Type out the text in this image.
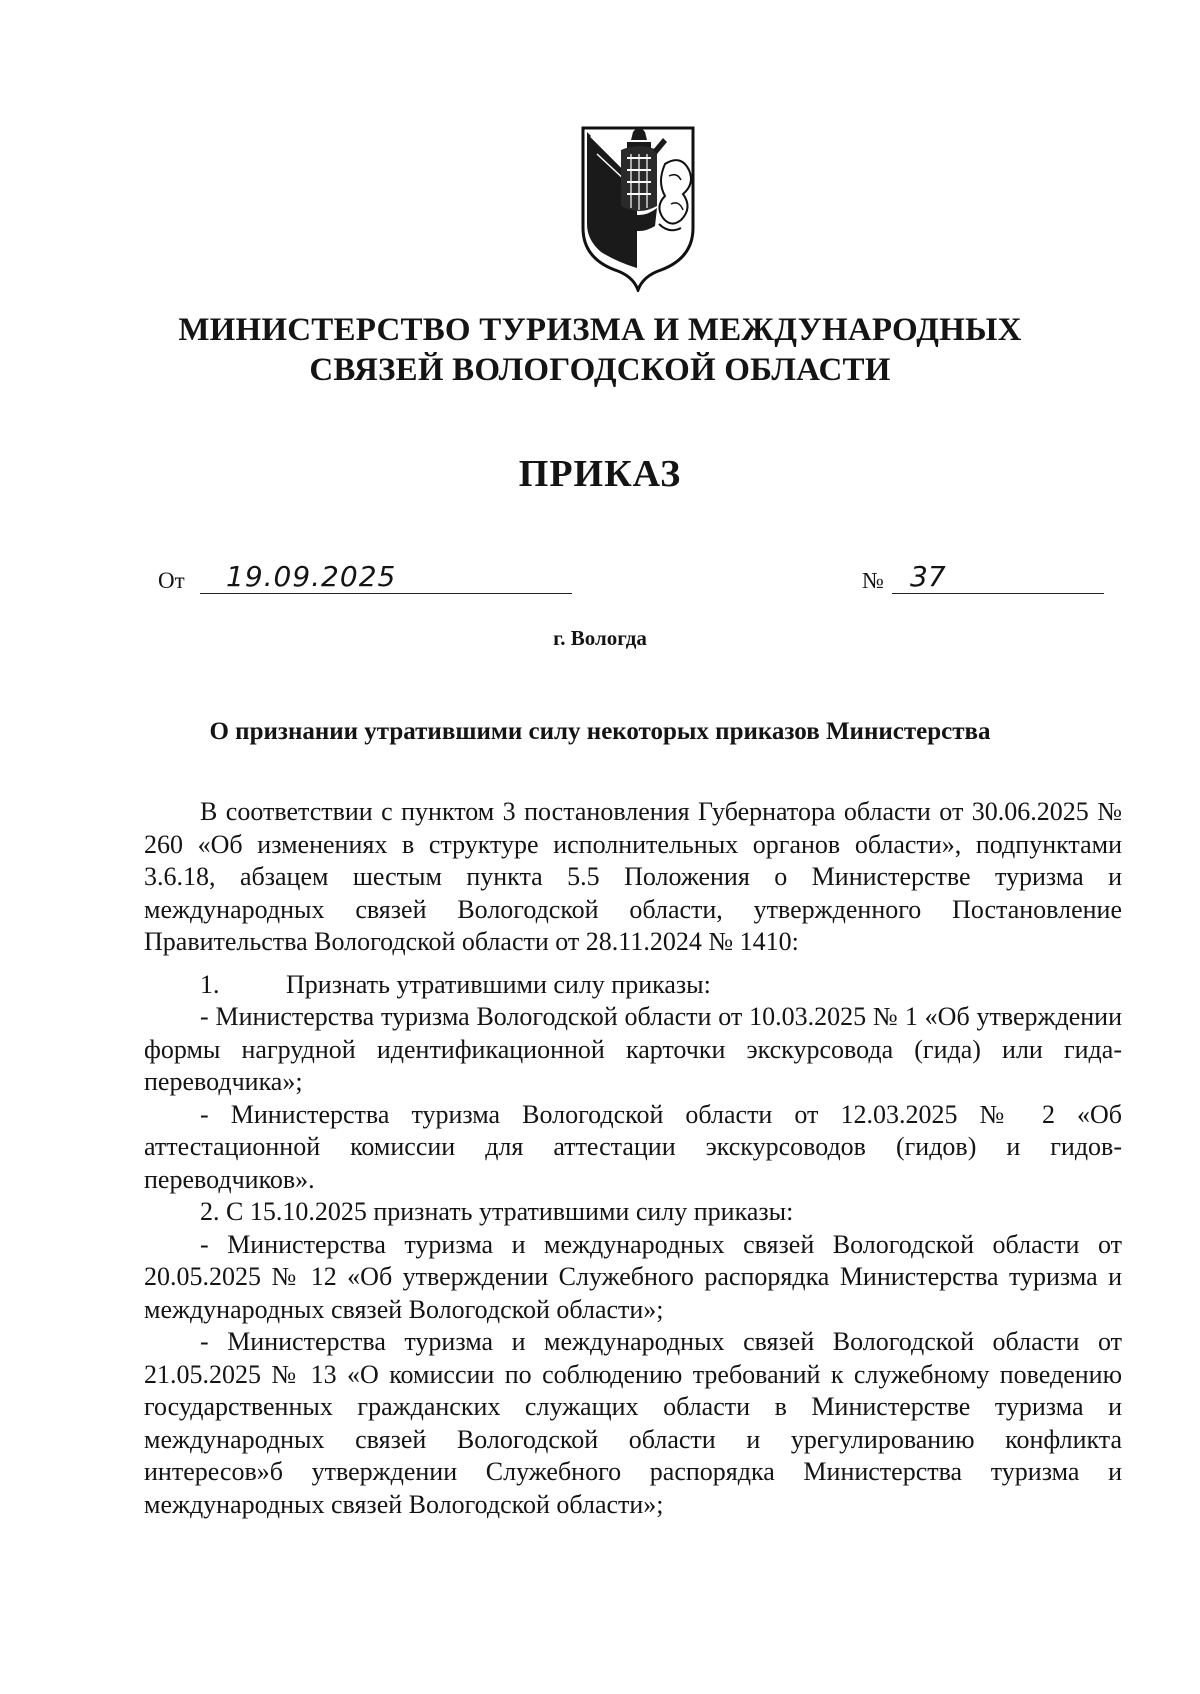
МИНИСТЕРСТВО ТУРИЗМА И МЕЖДУНАРОДНЫХ
СВЯЗЕЙ ВОЛОГОДСКОЙ ОБЛАСТИ
ПРИКАЗ
От	19.09.2025	№ 37
г. Вологда
О признании утратившими силу некоторых приказов Министерства

В соответствии с пунктом 3 постановления Губернатора области от 30.06.2025 № 260 «Об изменениях в структуре исполнительных органов области», подпунктами 3.6.18, абзацем шестым пункта 5.5 Положения о Министерстве туризма и международных связей Вологодской области, утвержденного Постановление Правительства Вологодской области от 28.11.2024 № 1410:

1.	Признать утратившими силу приказы:

- Министерства туризма Вологодской области от 10.03.2025 № 1 «Об утверждении формы нагрудной идентификационной карточки экскурсовода (гида) или гида-переводчика»;

- Министерства туризма Вологодской области от 12.03.2025 № 2 «Об аттестационной комиссии для аттестации экскурсоводов (гидов) и гидов-переводчиков».

2. С 15.10.2025 признать утратившими силу приказы:

- Министерства туризма и международных связей Вологодской области от 20.05.2025 № 12 «Об утверждении Служебного распорядка Министерства туризма и международных связей Вологодской области»;

- Министерства туризма и международных связей Вологодской области от 21.05.2025 № 13 «О комиссии по соблюдению требований к служебному поведению государственных гражданских служащих области в Министерстве туризма и международных связей Вологодской области и урегулированию конфликта интересов»б утверждении Служебного распорядка Министерства туризма и международных связей Вологодской области»;
